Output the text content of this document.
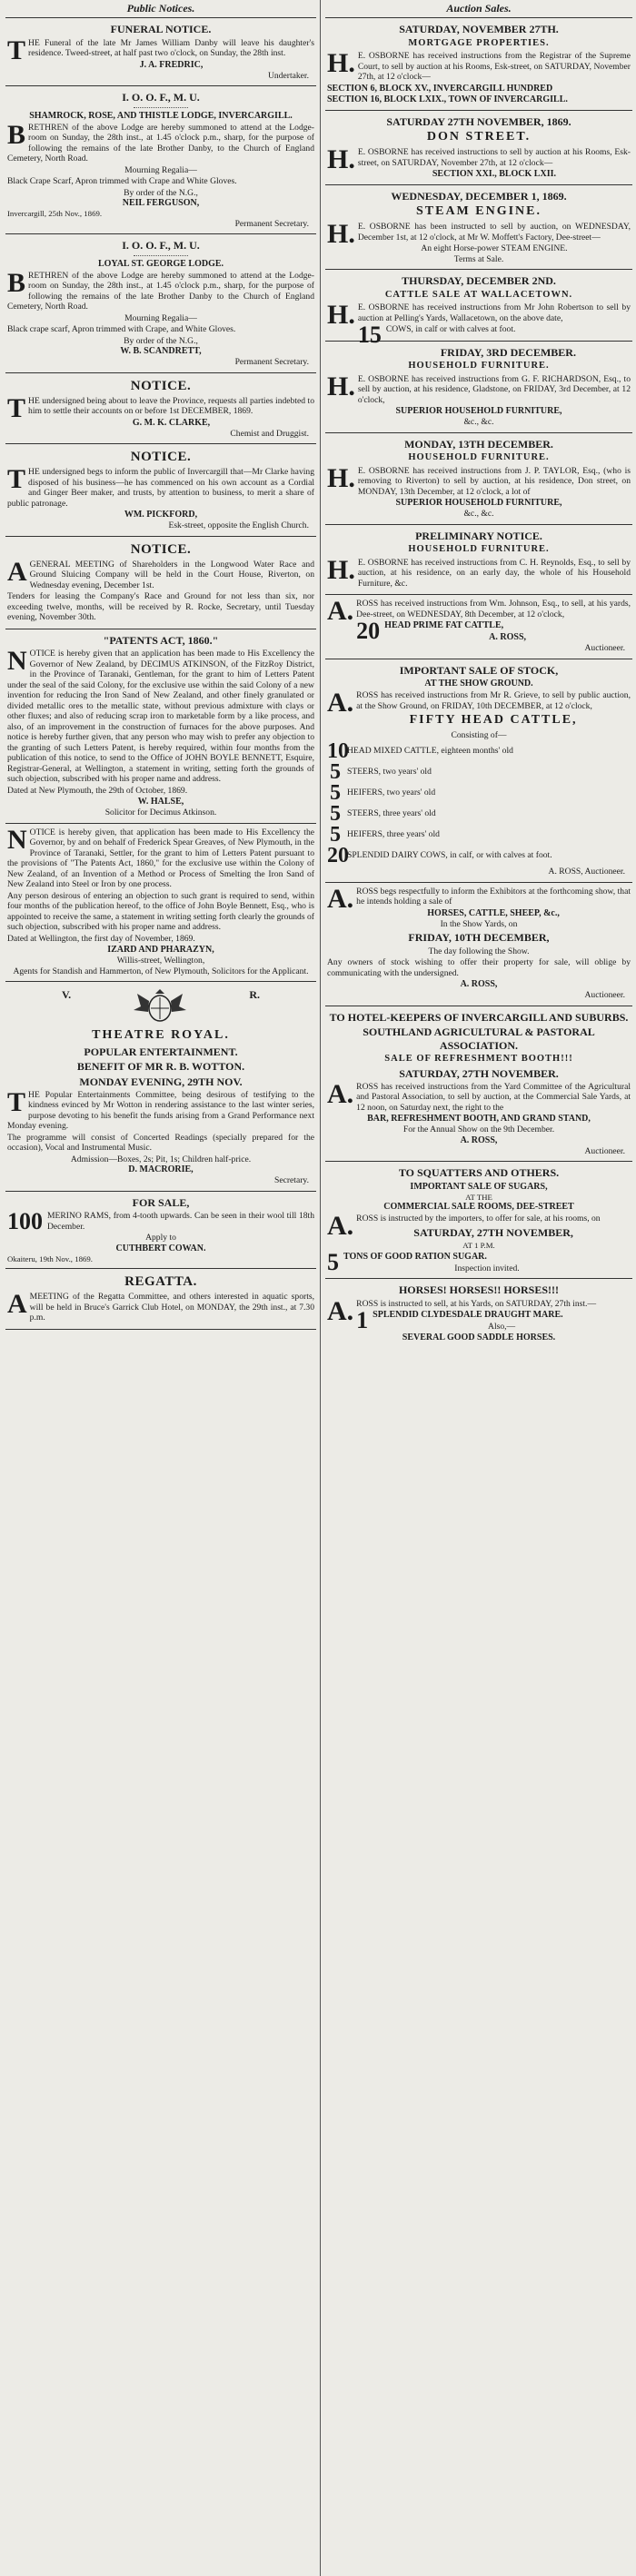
Public Notices.
FUNERAL NOTICE.

THE Funeral of the late Mr James William Danby will leave his daughter's residence. Tweed-street, at half past two o'clock, on Sunday, the 28th inst.

J. A. FREDRIC,
Undertaker.
I. O. O. F., M. U.
SHAMROCK, ROSE, AND THISTLE LODGE, INVERCARGILL.

BRETHREN of the above Lodge are hereby summoned to attend at the Lodge-room on Sunday, the 28th inst., at 1.45 o'clock p.m., sharp, for the purpose of following the remains of the late Brother Danby, to the Church of England Cemetery, North Road.

Mourning Regalia—

Black Crape Scarf, Apron trimmed with Crape and White Gloves.

By order of the N.G.,
NEIL FERGUSON,
Invercargill, 25th Nov., 1869.
Permanent Secretary.
I. O. O. F., M. U.
LOYAL ST. GEORGE LODGE.

BRETHREN of the above Lodge are hereby summoned to attend at the Lodge-room on Sunday, the 28th inst., at 1.45 o'clock p.m., sharp, for the purpose of following the remains of the late Brother Danby to the Church of England Cemetery, North Road.

Mourning Regalia—

Black crape scarf, Apron trimmed with Crape, and White Gloves.

By order of the N.G.,
W. B. SCANDRETT,
Permanent Secretary.
NOTICE.

THE undersigned being about to leave the Province, requests all parties indebted to him to settle their accounts on or before 1st DECEMBER, 1869.

G. M. K. CLARKE,
Chemist and Druggist.
NOTICE.

THE undersigned begs to inform the public of Invercargill that—Mr Clarke having disposed of his business—he has commenced on his own account as a Cordial and Ginger Beer maker, and trusts, by attention to business, to merit a share of public patronage.

WM. PICKFORD,
Esk-street, opposite the English Church.
NOTICE.

AGENERAL MEETING of Shareholders in the Longwood Water Race and Ground Sluicing Company will be held in the Court House, Riverton, on Wednesday evening, December 1st.

Tenders for leasing the Company's Race and Ground for not less than six, nor exceeding twelve, months, will be received by R. Rocke, Secretary, until Tuesday evening, November 30th.

"PATENTS ACT, 1860."

NOTICE is hereby given that an application has been made to His Excellency the Governor of New Zealand, by DECIMUS ATKINSON, of the FitzRoy District, in the Province of Taranaki, Gentleman, for the grant to him of Letters Patent under the seal of the said Colony, for the exclusive use within the said Colony of a new invention for reducing the Iron Sand of New Zealand, and other finely granulated or divided metallic ores to the metallic state, without previous admixture with clays or other fluxes; and also of reducing scrap iron to marketable form by a like process, and also, of an improvement in the construction of furnaces for the above purposes. And notice is hereby further given, that any person who may wish to prefer any objection to the granting of such Letters Patent, is hereby required, within four months from the publication of this notice, to send to the Office of JOHN BOYLE BENNETT, Esquire, Registrar-General, at Wellington, a statement in writing, setting forth the grounds of such objection, subscribed with his proper name and address.

Dated at New Plymouth, the 29th of October, 1869.

W. HALSE,
Solicitor for Decimus Atkinson.

NOTICE is hereby given, that application has been made to His Excellency the Governor, by and on behalf of Frederick Spear Greaves, of New Plymouth, in the Province of Taranaki, Settler, for the grant to him of Letters Patent pursuant to the provisions of "The Patents Act, 1860," for the exclusive use within the Colony of New Zealand, of an Invention of a Method or Process of Smelting the Iron Sand of New Zealand into Steel or Iron by one process.

Any person desirous of entering an objection to such grant is required to send, within four months of the publication hereof, to the office of John Boyle Bennett, Esq., who is appointed to receive the same, a statement in writing setting forth clearly the grounds of such objection, subscribed with his proper name and address.

Dated at Wellington, the first day of November, 1869.

IZARD AND PHARAZYN,
Willis-street, Wellington,
Agents for Standish and Hammerton, of New Plymouth, Solicitors for the Applicant.
V.	R.
THEATRE ROYAL.
POPULAR ENTERTAINMENT.
BENEFIT OF MR R. B. WOTTON.
MONDAY EVENING, 29TH NOV.

THE Popular Entertainments Committee, being desirous of testifying to the kindness evinced by Mr Wotton in rendering assistance to the last winter series, purpose devoting to his benefit the funds arising from a Grand Performance next Monday evening.

The programme will consist of Concerted Readings (specially prepared for the occasion), Vocal and Instrumental Music.

Admission—Boxes, 2s; Pit, 1s; Children half-price.
D. MACRORIE,
Secretary.
FOR SALE,

100 MERINO RAMS, from 4-tooth upwards. Can be seen in their wool till 18th December.

Apply to
CUTHBERT COWAN.
Okaiteru, 19th Nov., 1869.
REGATTA.

AMEETING of the Regatta Committee, and others interested in aquatic sports, will be held in Bruce's Garrick Club Hotel, on MONDAY, the 29th inst., at 7.30 p.m.

Auction Sales.
SATURDAY, NOVEMBER 27TH.
MORTGAGE PROPERTIES.

H. E. OSBORNE has received instructions from the Registrar of the Supreme Court, to sell by auction at his Rooms, Esk-street, on SATURDAY, November 27th, at 12 o'clock—

SECTION 6, BLOCK XV., INVERCARGILL HUNDRED
SECTION 16, BLOCK LXIX., TOWN OF INVERCARGILL.
SATURDAY 27TH NOVEMBER, 1869.
DON STREET.

H. E. OSBORNE has received instructions to sell by auction at his Rooms, Esk-street, on SATURDAY, November 27th, at 12 o'clock—

SECTION XXI., BLOCK LXII.
WEDNESDAY, DECEMBER 1, 1869.
STEAM ENGINE.

H. E. OSBORNE has been instructed to sell by auction, on WEDNESDAY, December 1st, at 12 o'clock, at Mr W. Moffett's Factory, Dee-street—

An eight Horse-power STEAM ENGINE.
Terms at Sale.
THURSDAY, DECEMBER 2ND.
CATTLE SALE AT WALLACETOWN.

H. E. OSBORNE has received instructions from Mr John Robertson to sell by auction at Pelling's Yards, Wallacetown, on the above date,

15 COWS, in calf or with calves at foot.

FRIDAY, 3RD DECEMBER.
HOUSEHOLD FURNITURE.

H. E. OSBORNE has received instructions from G. F. RICHARDSON, Esq., to sell by auction, at his residence, Gladstone, on FRIDAY, 3rd December, at 12 o'clock,

SUPERIOR HOUSEHOLD FURNITURE,
&c., &c.
MONDAY, 13TH DECEMBER.
HOUSEHOLD FURNITURE.

H. E. OSBORNE has received instructions from J. P. TAYLOR, Esq., (who is removing to Riverton) to sell by auction, at his residence, Don street, on MONDAY, 13th December, at 12 o'clock, a lot of

SUPERIOR HOUSEHOLD FURNITURE,
&c., &c.
PRELIMINARY NOTICE.
HOUSEHOLD FURNITURE.

H. E. OSBORNE has received instructions from C. H. Reynolds, Esq., to sell by auction, at his residence, on an early day, the whole of his Household Furniture, &c.

A. ROSS has received instructions from Wm. Johnson, Esq., to sell, at his yards, Dee-street, on WEDNESDAY, 8th December, at 12 o'clock,

20 HEAD PRIME FAT CATTLE,

A. ROSS,
Auctioneer.
IMPORTANT SALE OF STOCK,
AT THE SHOW GROUND.

A. ROSS has received instructions from Mr R. Grieve, to sell by public auction, at the Show Ground, on FRIDAY, 10th DECEMBER, at 12 o'clock,

FIFTY HEAD CATTLE,
Consisting of—
10
HEAD MIXED CATTLE, eighteen months' old
5 STEERS, two years' old
5 HEIFERS, two years' old
5 STEERS, three years' old
5 HEIFERS, three years' old
20
SPLENDID DAIRY COWS, in calf, or with calves at foot.
A. ROSS, Auctioneer.

A. ROSS begs respectfully to inform the Exhibitors at the forthcoming show, that he intends holding a sale of

HORSES, CATTLE, SHEEP, &c.,
In the Show Yards, on
FRIDAY, 10TH DECEMBER,
The day following the Show.

Any owners of stock wishing to offer their property for sale, will oblige by communicating with the undersigned.

A. ROSS,
Auctioneer.
TO HOTEL-KEEPERS OF INVERCARGILL AND SUBURBS.
SOUTHLAND AGRICULTURAL & PASTORAL ASSOCIATION.
SALE OF REFRESHMENT BOOTH!!!
SATURDAY, 27TH NOVEMBER.

A. ROSS has received instructions from the Yard Committee of the Agricultural and Pastoral Association, to sell by auction, at the Commercial Sale Yards, at 12 noon, on Saturday next, the right to the

BAR, REFRESHMENT BOOTH, AND GRAND STAND,
For the Annual Show on the 9th December.
A. ROSS,
Auctioneer.
TO SQUATTERS AND OTHERS.
IMPORTANT SALE OF SUGARS,
AT THE
COMMERCIAL SALE ROOMS, DEE-STREET

A. ROSS is instructed by the importers, to offer for sale, at his rooms, on

SATURDAY, 27TH NOVEMBER,
AT 1 P.M.

5 TONS OF GOOD RATION SUGAR.

Inspection invited.
HORSES! HORSES!! HORSES!!!

A. ROSS is instructed to sell, at his Yards, on SATURDAY, 27th inst.—

1 SPLENDID CLYDESDALE DRAUGHT MARE.

Also,—
SEVERAL GOOD SADDLE HORSES.
